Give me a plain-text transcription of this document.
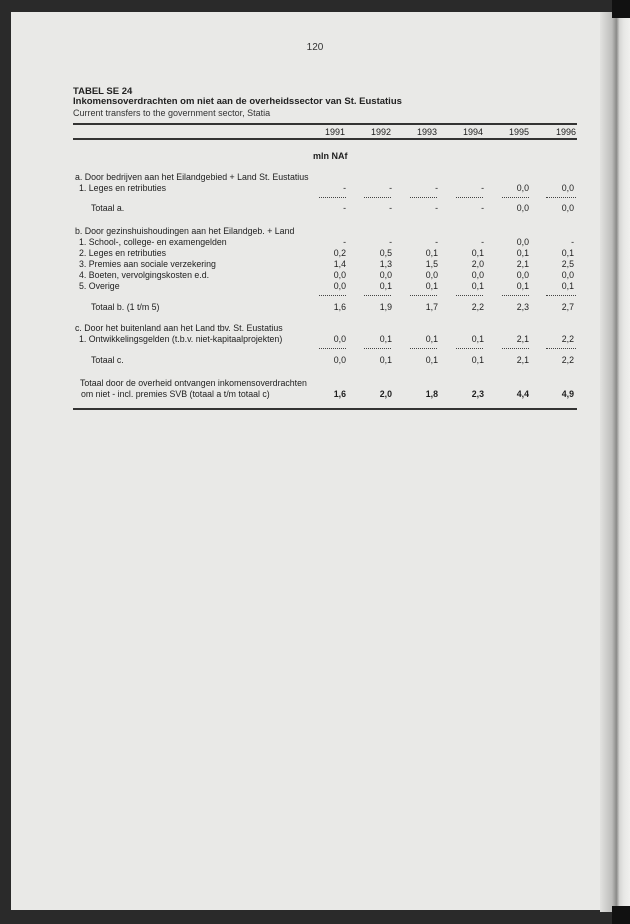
120
TABEL SE 24
Inkomensoverdrachten om niet aan de overheidssector van St. Eustatius
Current transfers to the government sector, Statia
1991	1992	1993	1994	1995	1996
mln NAf
a. Door bedrijven aan het Eilandgebied + Land St. Eustatius
1. Leges en retributies	-	-	-	-	0,0	0,0
Totaal a.	-	-	-	-	0,0	0,0
b. Door gezinshuishoudingen aan het Eilandgeb. + Land
1. School-, college- en examengelden	-	-	-	-	0,0	-
2. Leges en retributies	0,2	0,5	0,1	0,1	0,1	0,1
3. Premies aan sociale verzekering	1,4	1,3	1,5	2,0	2,1	2,5
4. Boeten, vervolgingskosten e.d.	0,0	0,0	0,0	0,0	0,0	0,0
5. Overige	0,0	0,1	0,1	0,1	0,1	0,1
Totaal b. (1 t/m 5)	1,6	1,9	1,7	2,2	2,3	2,7
c. Door het buitenland aan het Land tbv. St. Eustatius
1. Ontwikkelingsgelden (t.b.v. niet-kapitaalprojekten)	0,0	0,1	0,1	0,1	2,1	2,2
Totaal c.	0,0	0,1	0,1	0,1	2,1	2,2
Totaal door de overheid ontvangen inkomensoverdrachten
om niet - incl. premies SVB (totaal a t/m totaal c)	1,6	2,0	1,8	2,3	4,4	4,9
